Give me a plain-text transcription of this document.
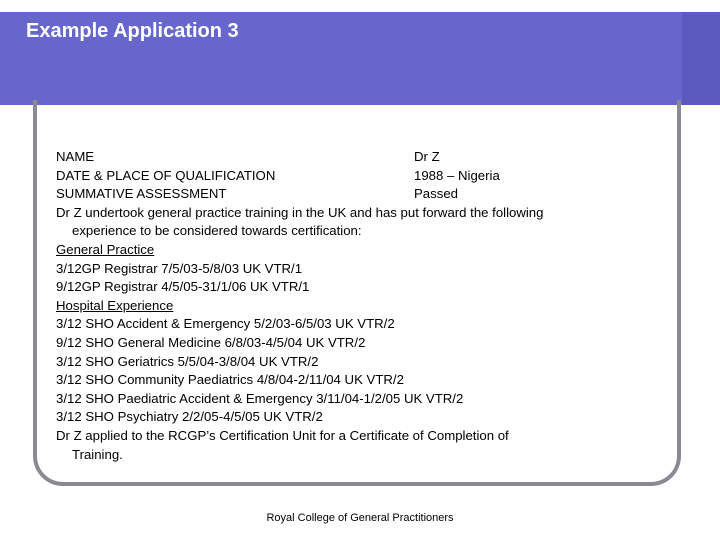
Example Application 3
NAME	Dr Z
DATE & PLACE OF QUALIFICATION	1988 – Nigeria
SUMMATIVE ASSESSMENT	Passed

Dr Z undertook general practice training in the UK and has put forward the following

experience to be considered towards certification:

General Practice

3/12GP Registrar 7/5/03-5/8/03 UK VTR/1

9/12GP Registrar 4/5/05-31/1/06 UK VTR/1

Hospital Experience

3/12 SHO Accident & Emergency 5/2/03-6/5/03 UK VTR/2

9/12 SHO General Medicine 6/8/03-4/5/04 UK VTR/2

3/12 SHO Geriatrics 5/5/04-3/8/04 UK VTR/2

3/12 SHO Community Paediatrics 4/8/04-2/11/04 UK VTR/2

3/12 SHO Paediatric Accident & Emergency 3/11/04-1/2/05 UK VTR/2

3/12 SHO Psychiatry 2/2/05-4/5/05 UK VTR/2

Dr Z applied to the RCGP’s Certification Unit for a Certificate of Completion of

Training.

Royal College of General Practitioners
